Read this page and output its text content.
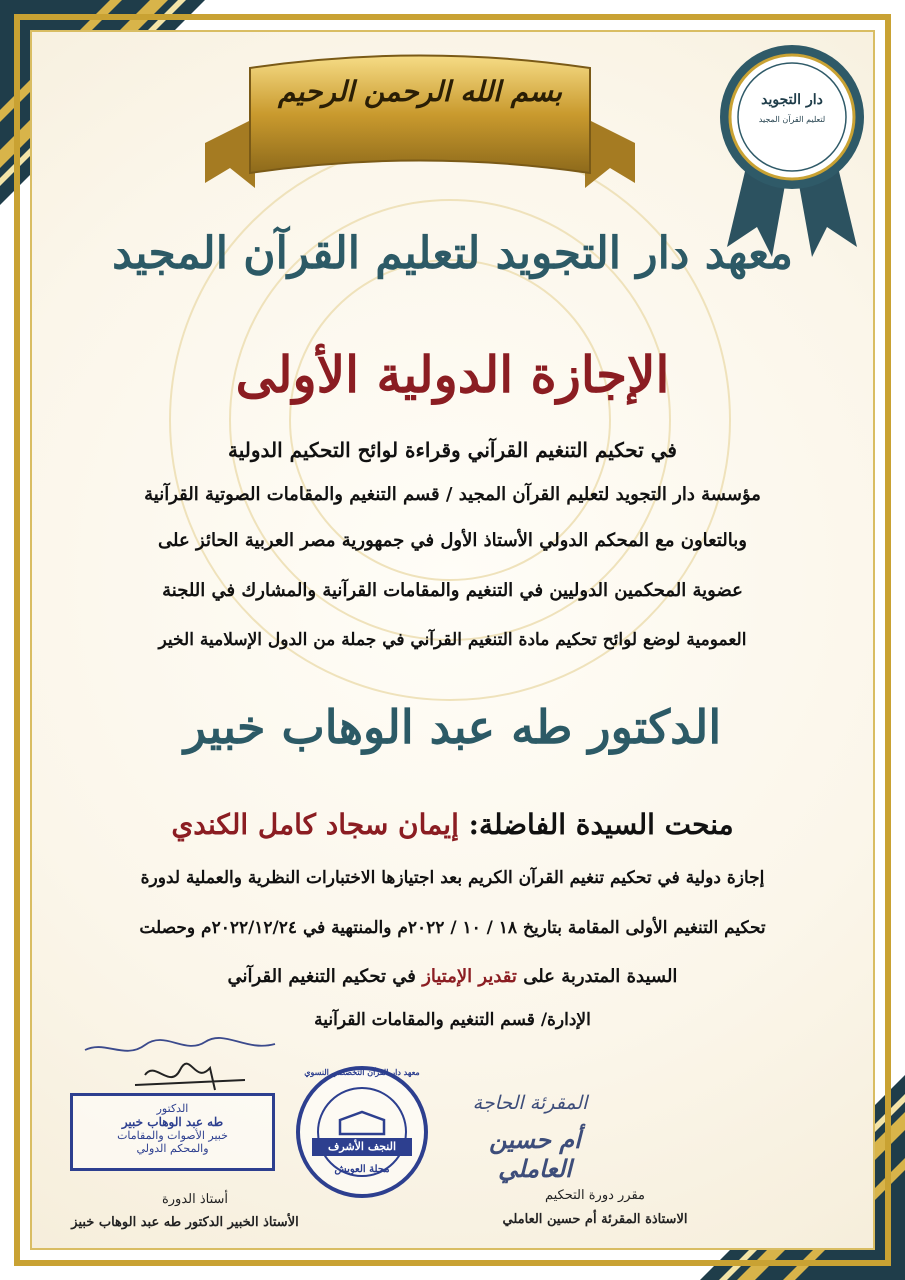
بسم الله الرحمن الرحيم	دار التجويد
لتعليم القرآن المجيد
معهد دار التجويد لتعليم القرآن المجيد
الإجازة الدولية الأولى
في تحكيم التنغيم القرآني وقراءة لوائح التحكيم الدولية
مؤسسة دار التجويد لتعليم القرآن المجيد / قسم التنغيم والمقامات الصوتية القرآنية
وبالتعاون مع المحكم الدولي الأستاذ الأول في جمهورية مصر العربية الحائز على
عضوية المحكمين الدوليين في التنغيم والمقامات القرآنية والمشارك في اللجنة
العمومية لوضع لوائح تحكيم مادة التنغيم القرآني في جملة من الدول الإسلامية الخير
الدكتور طه عبد الوهاب خبير
منحت السيدة الفاضلة: إيمان سجاد كامل الكندي
إجازة دولية في تحكيم تنغيم القرآن الكريم بعد اجتيازها الاختبارات النظرية والعملية لدورة
تحكيم التنغيم الأولى المقامة بتاريخ ١٨ / ١٠ / ٢٠٢٢م والمنتهية في ٢٠٢٢/١٢/٢٤م وحصلت
السيدة المتدربة على تقدير الإمتياز في تحكيم التنغيم القرآني
الإدارة/ قسم التنغيم والمقامات القرآنية
الدكتور
طه عبد الوهاب خبير
خبير الأصوات والمقامات
والمحكم الدولي
معهد دار القرآن التخصصي النسوي
النجف الأشرف
محلة العويش
المقرئة الحاجة
أم حسين العاملي
أستاذ الدورة
الأستاذ الخبير الدكتور طه عبد الوهاب خبيز
مقرر دورة التحكيم
الاستاذة المقرئة أم حسين العاملي
